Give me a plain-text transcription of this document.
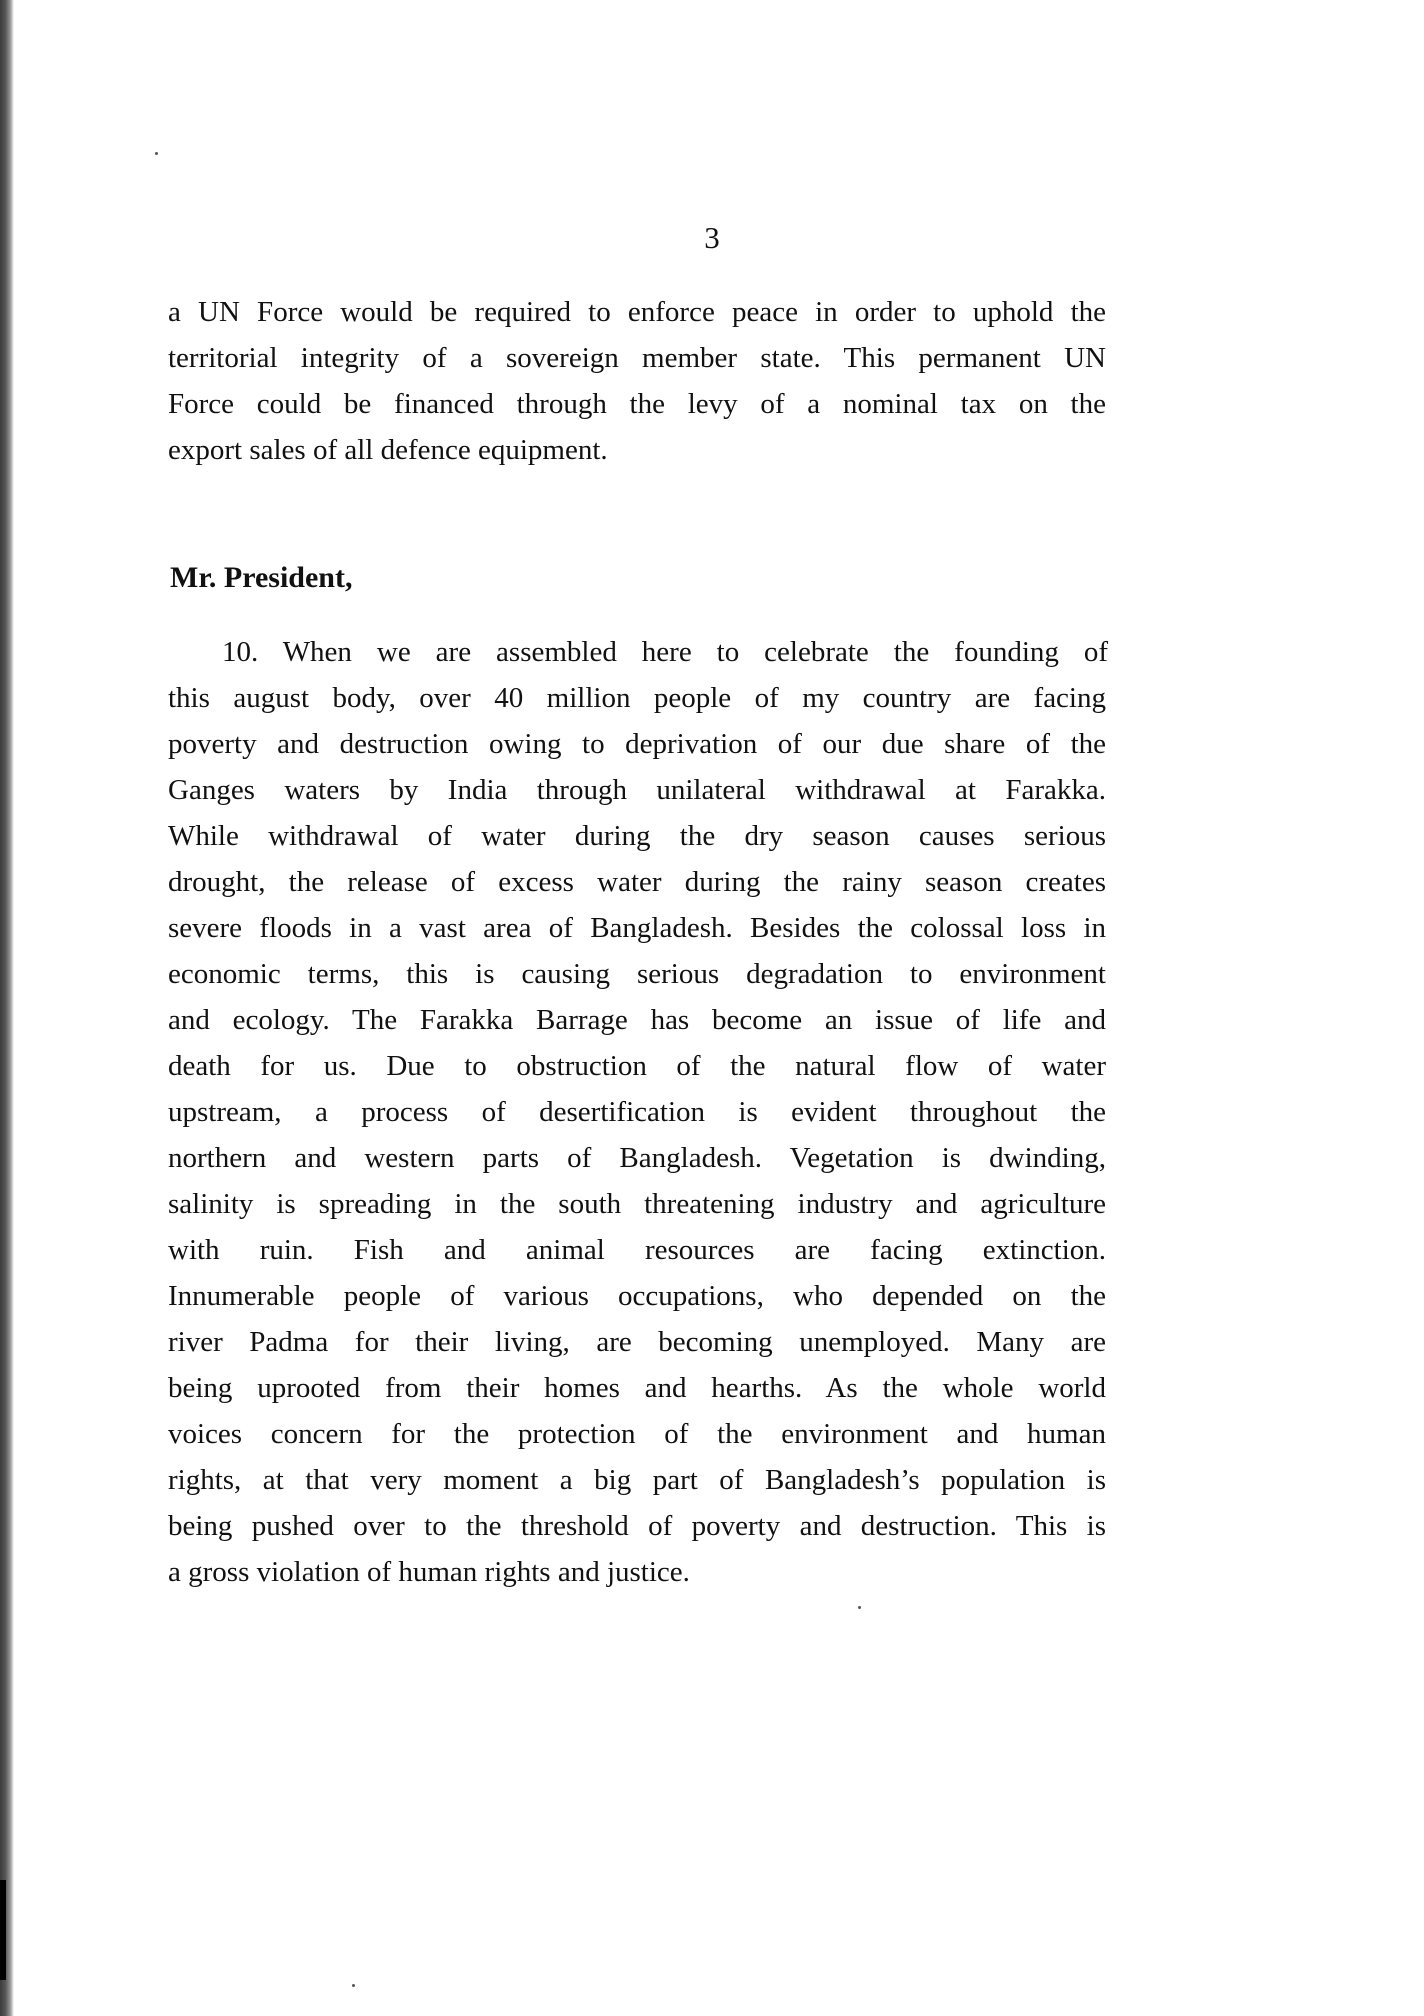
3
a UN Force would be required to enforce peace in order to uphold the
territorial integrity of a sovereign member state. This permanent UN
Force could be financed through the levy of a nominal tax on the
export sales of all defence equipment.
Mr. President,
10. When we are assembled here to celebrate the founding of
this august body, over 40 million people of my country are facing
poverty and destruction owing to deprivation of our due share of the
Ganges waters by India through unilateral withdrawal at Farakka.
While withdrawal of water during the dry season causes serious
drought, the release of excess water during the rainy season creates
severe floods in a vast area of Bangladesh. Besides the colossal loss in
economic terms, this is causing serious degradation to environment
and ecology. The Farakka Barrage has become an issue of life and
death for us. Due to obstruction of the natural flow of water
upstream, a process of desertification is evident throughout the
northern and western parts of Bangladesh. Vegetation is dwinding,
salinity is spreading in the south threatening industry and agriculture
with ruin. Fish and animal resources are facing extinction.
Innumerable people of various occupations, who depended on the
river Padma for their living, are becoming unemployed. Many are
being uprooted from their homes and hearths. As the whole world
voices concern for the protection of the environment and human
rights, at that very moment a big part of Bangladesh’s population is
being pushed over to the threshold of poverty and destruction. This is
a gross violation of human rights and justice.
